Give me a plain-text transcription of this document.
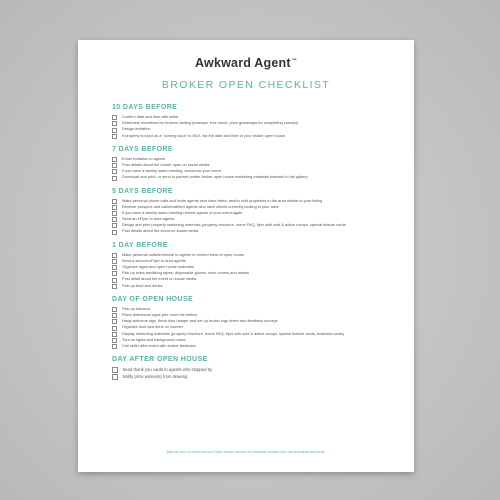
Awkward Agent™
BROKER OPEN CHECKLIST
10 DAYS BEFORE
Confirm date and time with seller
Determine incentives for brokers visiting (example: free lunch, prize giveaways for completing surveys)
Design invitation
If property is input as a "coming soon" in MLS, list the date and time of your broker open house
7 DAYS BEFORE
Email invitation to agents
Post details about the broker open on social media
If you have a weekly sales meeting, announce your event
Download and print, or send to partner printer broker open house marketing materials featured in the gallery
5 DAYS BEFORE
Make personal phone calls and invite agents who have listed, and/or sold properties in the area similar to your listing
Reverse prospect and call/email/text agents who have clients currently looking in your area
If you have a weekly sales meeting remind agents of your event again
Send an eFlyer to area agents
Design and print property marketing materials (property brochure, home FAQ, flyer with sold & active comps, special feature cards
Post details about the event on social media
1 DAY BEFORE
Make personal calls/text/email to agents to remind them of open house
Send a second eFlyer to area agents
Organize signs and open house materials
Pick up extra sanitizing wipes, disposable gloves, shoe covers and masks
Post detail about the event on social media
Pick up food and drinks
DAY OF OPEN HOUSE
Pick up balloons
Place directional signs (the more the better)
Hang welcome sign, floral door hanger and set up broker sign sheet and feedback surveys
Organize food and drink on counter
Display marketing materials (property brochure, home FAQ, flyer with sold & active comps, special feature cards, business cards)
Turn on lights and background music
Call seller after event with broker feedback
DAY AFTER OPEN HOUSE
Send thank you cards to agents who stopped by
Notify prize winner(s) from drawing
Also be sure to check out our Open House section for branded creative you can download and print.
